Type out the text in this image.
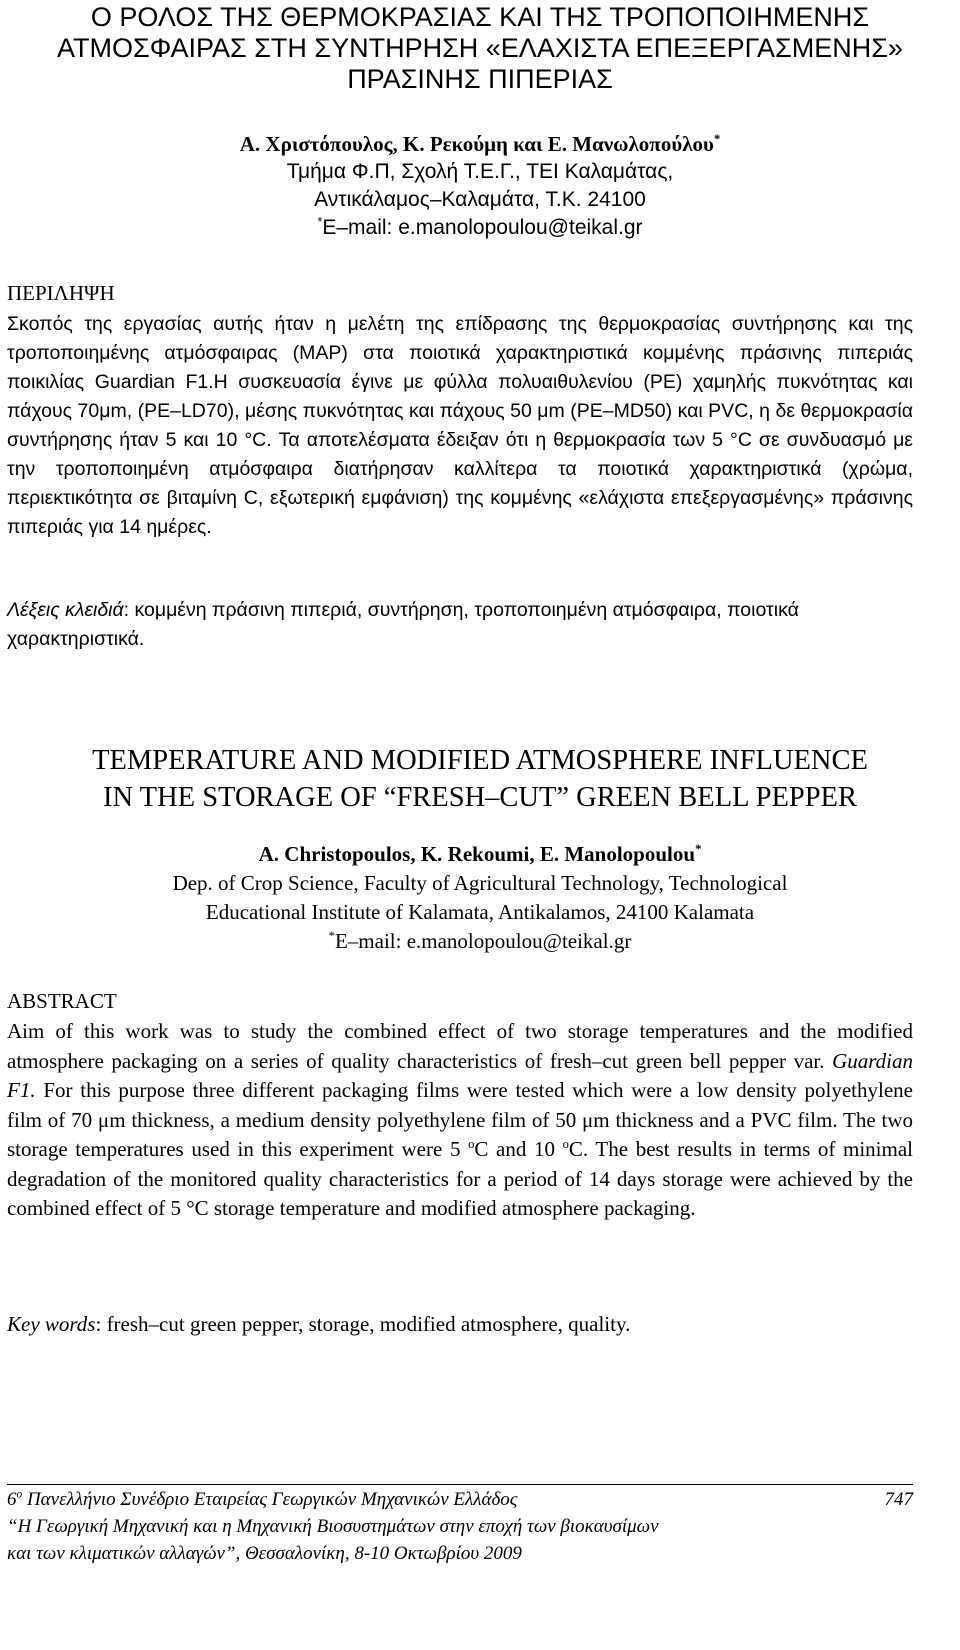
Ο ΡΟΛΟΣ ΤΗΣ ΘΕΡΜΟΚΡΑΣΙΑΣ ΚΑΙ ΤΗΣ ΤΡΟΠΟΠΟΙΗΜΕΝΗΣ ΑΤΜΟΣΦΑΙΡΑΣ ΣΤΗ ΣΥΝΤΗΡΗΣΗ «ΕΛΑΧΙΣΤΑ ΕΠΕΞΕΡΓΑΣΜΕΝΗΣ» ΠΡΑΣΙΝΗΣ ΠΙΠΕΡΙΑΣ
Α. Χριστόπουλος, Κ. Ρεκούμη και Ε. Μανωλοπούλου*
Τμήμα Φ.Π, Σχολή Τ.Ε.Γ., ΤΕΙ Καλαμάτας,
Αντικάλαμος–Καλαμάτα, Τ.Κ. 24100
*E–mail: e.manolopoulou@teikal.gr
ΠΕΡΙΛΗΨΗ

Σκοπός της εργασίας αυτής ήταν η μελέτη της επίδρασης της θερμοκρασίας συντήρησης και της τροποποιημένης ατμόσφαιρας (MAP) στα ποιοτικά χαρακτηριστικά κομμένης πράσινης πιπεριάς ποικιλίας Guardian F1.Η συσκευασία έγινε με φύλλα πολυαιθυλενίου (PE) χαμηλής πυκνότητας και πάχους 70μm, (PE–LD70), μέσης πυκνότητας και πάχους 50 μm (PE–MD50) και PVC, η δε θερμοκρασία συντήρησης ήταν 5 και 10 °C. Τα αποτελέσματα έδειξαν ότι η θερμοκρασία των 5 °C σε συνδυασμό με την τροποποιημένη ατμόσφαιρα διατήρησαν καλλίτερα τα ποιοτικά χαρακτηριστικά (χρώμα, περιεκτικότητα σε βιταμίνη C, εξωτερική εμφάνιση) της κομμένης «ελάχιστα επεξεργασμένης» πράσινης πιπεριάς για 14 ημέρες.

Λέξεις κλειδιά: κομμένη πράσινη πιπεριά, συντήρηση, τροποποιημένη ατμόσφαιρα, ποιοτικά χαρακτηριστικά.
TEMPERATURE AND MODIFIED ATMOSPHERE INFLUENCE
IN THE STORAGE OF “FRESH–CUT” GREEN BELL PEPPER
A. Christopoulos, K. Rekoumi, E. Manolopoulou*
Dep. of Crop Science, Faculty of Agricultural Technology, Technological
Educational Institute of Kalamata, Antikalamos, 24100 Kalamata
*E–mail: e.manolopoulou@teikal.gr
ABSTRACT

Aim of this work was to study the combined effect of two storage temperatures and the modified atmosphere packaging on a series of quality characteristics of fresh–cut green bell pepper var. Guardian F1. For this purpose three different packaging films were tested which were a low density polyethylene film of 70 μm thickness, a medium density polyethylene film of 50 μm thickness and a PVC film. The two storage temperatures used in this experiment were 5 $^o$C and 10 $^o$C. The best results in terms of minimal degradation of the monitored quality characteristics for a period of 14 days storage were achieved by the combined effect of 5 °C storage temperature and modified atmosphere packaging.

Key words: fresh–cut green pepper, storage, modified atmosphere, quality.
$6^o$ Πανελλήνιο Συνέδριο Εταιρείας Γεωργικών Μηχανικών Ελλάδος	747
“Η Γεωργική Μηχανική και η Μηχανική Βιοσυστημάτων στην εποχή των βιοκαυσίμων
και των κλιματικών αλλαγών”, Θεσσαλονίκη, 8-10 Οκτωβρίου 2009
